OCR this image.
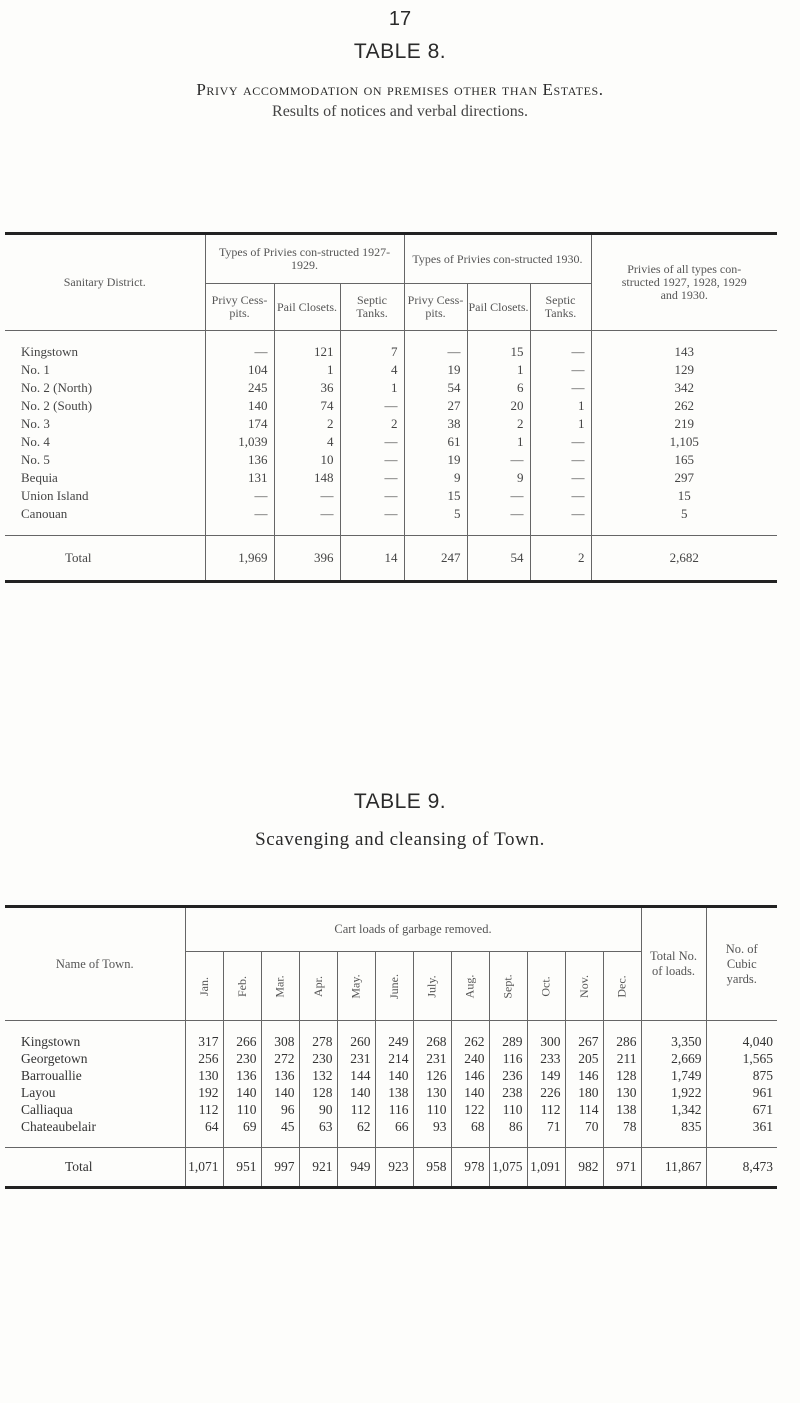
17
TABLE 8.
Privy accommodation on premises other than Estates.
Results of notices and verbal directions.
Sanitary District.	Types of Privies con-structed 1927-1929.			Types of Privies con-structed 1930.			Privies of all types con-structed 1927, 1928, 1929 and 1930.
	Privy Cess-pits.	Pail Closets.	Septic Tanks.	Privy Cess-pits.	Pail Closets.	Septic Tanks.	

Kingstown	—	121	7	—	15	—	143
No. 1	104	1	4	19	1	—	129
No. 2 (North)	245	36	1	54	6	—	342
No. 2 (South)	140	74	—	27	20	1	262
No. 3	174	2	2	38	2	1	219
No. 4	1,039	4	—	61	1	—	1,105
No. 5	136	10	—	19	—	—	165
Bequia	131	148	—	9	9	—	297
Union Island	—	—	—	15	—	—	15
Canouan	—	—	—	5	—	—	5

Total	1,969	396	14	247	54	2	2,682
TABLE 9.
Scavenging and cleansing of Town.
Name of Town.	Cart loads of garbage removed.												Total No. of loads.	No. of Cubic yards.
	Jan.	Feb.	Mar.	Apr.	May.	June.	July.	Aug.	Sept.	Oct.	Nov.	Dec.		

Kingstown	317	266	308	278	260	249	268	262	289	300	267	286	3,350	4,040
Georgetown	256	230	272	230	231	214	231	240	116	233	205	211	2,669	1,565
Barrouallie	130	136	136	132	144	140	126	146	236	149	146	128	1,749	875
Layou	192	140	140	128	140	138	130	140	238	226	180	130	1,922	961
Calliaqua	112	110	96	90	112	116	110	122	110	112	114	138	1,342	671
Chateaubelair	64	69	45	63	62	66	93	68	86	71	70	78	835	361

Total	1,071	951	997	921	949	923	958	978	1,075	1,091	982	971	11,867	8,473
